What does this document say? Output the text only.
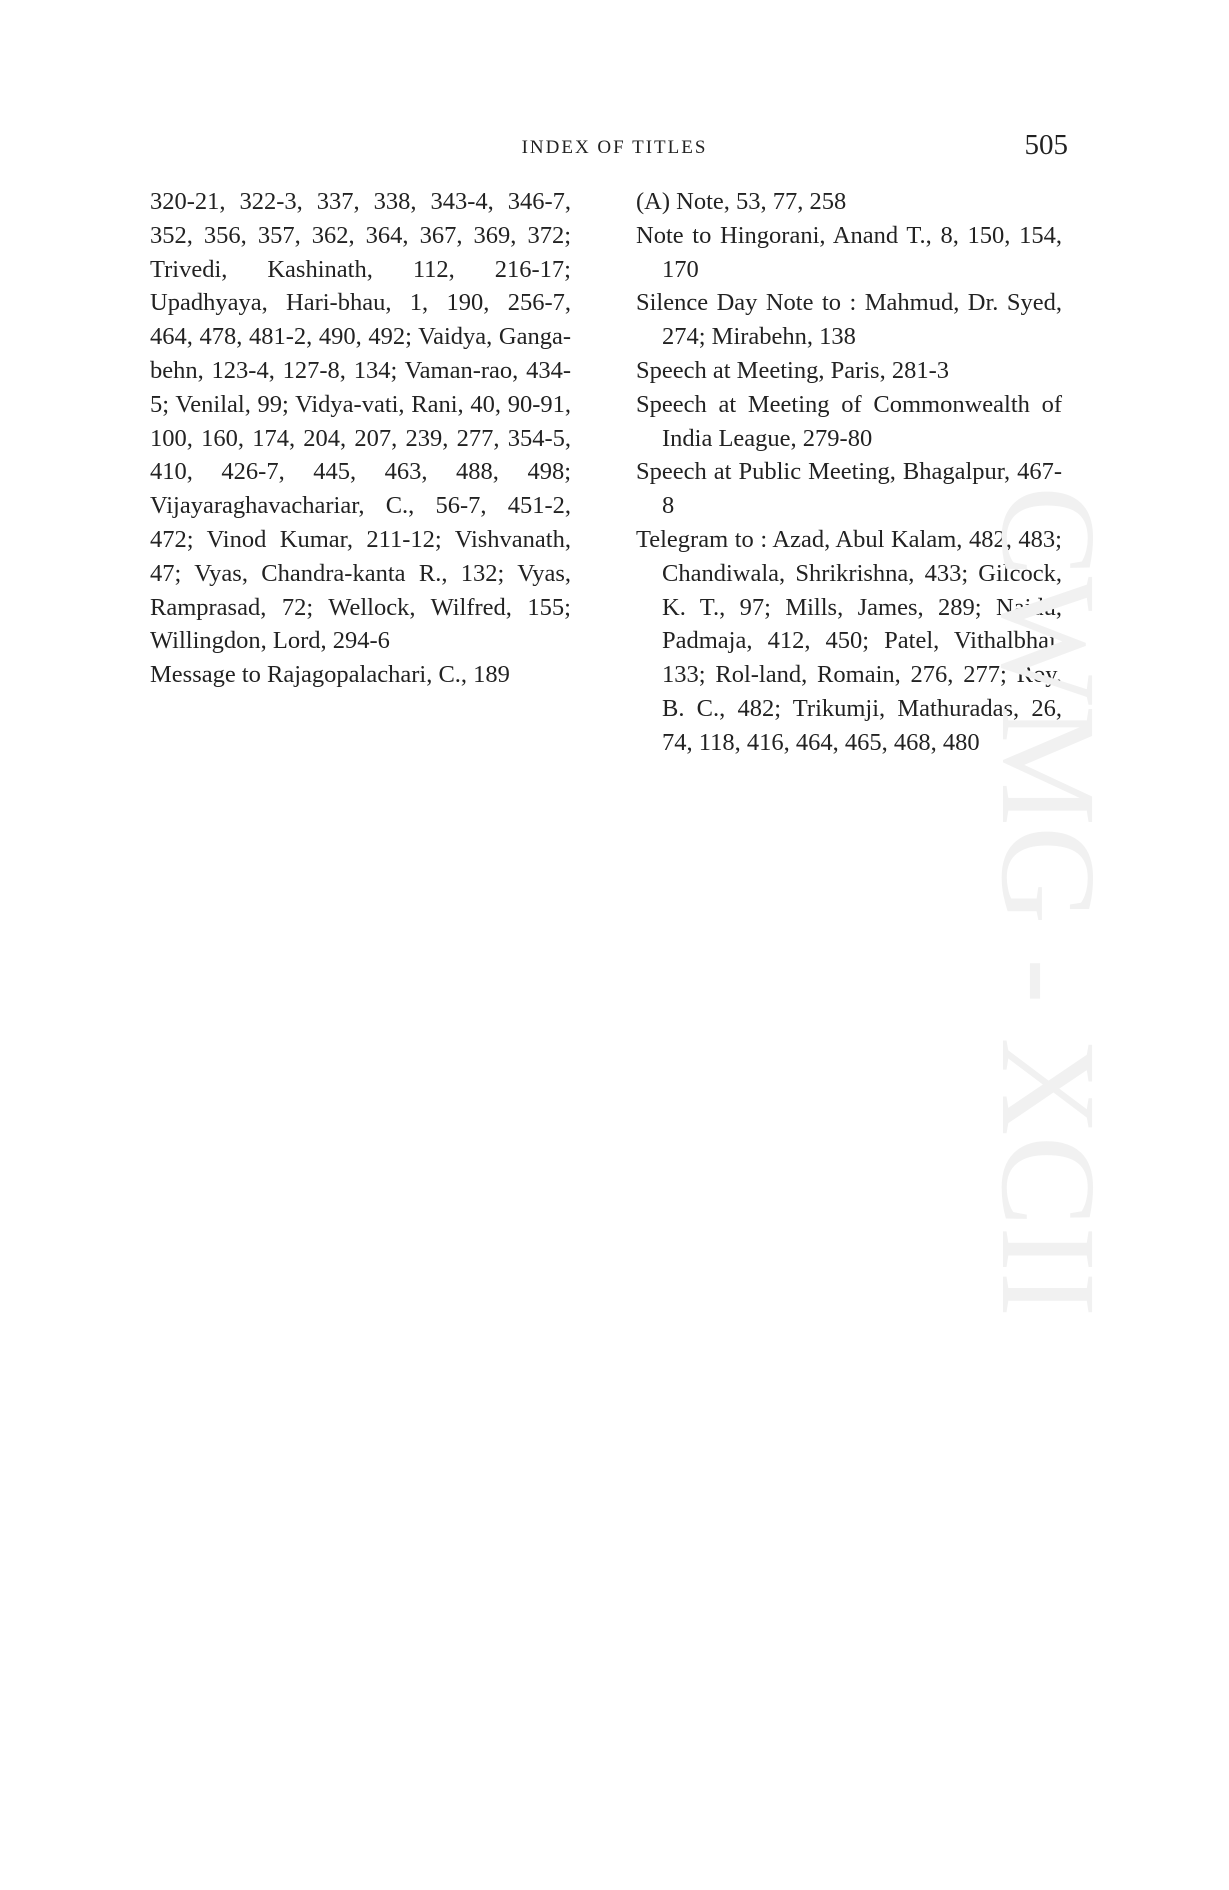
INDEX OF TITLES	505
320-21, 322-3, 337, 338, 343-4, 346-7, 352, 356, 357, 362, 364, 367, 369, 372; Trivedi, Kashinath, 112, 216-17; Upadhyaya, Hari-bhau, 1, 190, 256-7, 464, 478, 481-2, 490, 492; Vaidya, Ganga-behn, 123-4, 127-8, 134; Vaman-rao, 434-5; Venilal, 99; Vidya-vati, Rani, 40, 90-91, 100, 160, 174, 204, 207, 239, 277, 354-5, 410, 426-7, 445, 463, 488, 498; Vijayaraghavachariar, C., 56-7, 451-2, 472; Vinod Kumar, 211-12; Vishvanath, 47; Vyas, Chandra-kanta R., 132; Vyas, Ramprasad, 72; Wellock, Wilfred, 155; Willingdon, Lord, 294-6
Message to Rajagopalachari, C., 189
(A) Note, 53, 77, 258
Note to Hingorani, Anand T., 8, 150, 154, 170
Silence Day Note to : Mahmud, Dr. Syed, 274; Mirabehn, 138
Speech at Meeting, Paris, 281-3
Speech at Meeting of Commonwealth of India League, 279-80
Speech at Public Meeting, Bhagalpur, 467-8
Telegram to : Azad, Abul Kalam, 482, 483; Chandiwala, Shrikrishna, 433; Gilcock, K. T., 97; Mills, James, 289; Naidu, Padmaja, 412, 450; Patel, Vithalbhai, 133; Rol-land, Romain, 276, 277; Roy, B. C., 482; Trikumji, Mathuradas, 26, 74, 118, 416, 464, 465, 468, 480
CWMG - XCII
